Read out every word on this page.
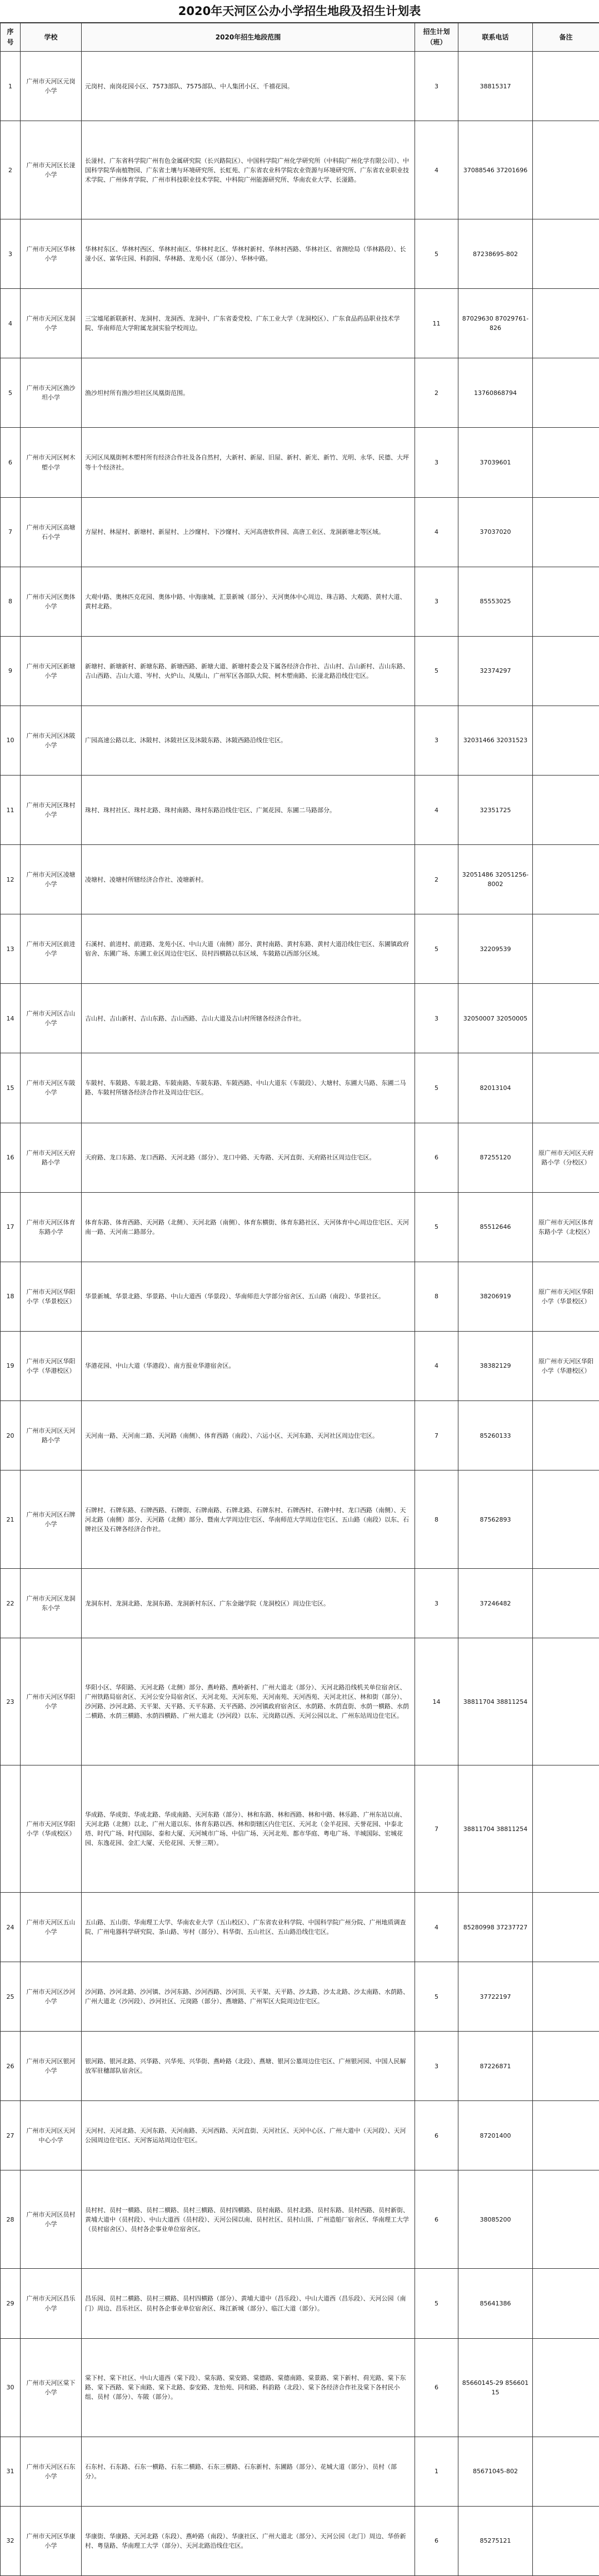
2020年天河区公办小学招生地段及招生计划表
序号	学校	2020年招生地段范围	招生计划（班）	联系电话	备注
1	广州市天河区元岗小学	元岗村、南岗花园小区、7573部队、7575部队、中人集团小区、千禧花园。	3	38815317	
2	广州市天河区长湴小学	长湴村、广东省科学院广州有色金属研究院（长兴路院区）、中国科学院广州化学研究所（中科院广州化学有限公司）、中国科学院华南植物园、广东省土壤与环境研究所、长虹苑、广东省农业科学院农业资源与环境研究所、广东省农业职业技术学院、广州体育学院、广州市科技职业技术学院、中科院广州能源研究所、华南农业大学、长湴路。	4	37088546 37201696	
3	广州市天河区华林小学	华林村东区、华林村西区、华林村南区、华林村北区、华林村新村、华林村西路、华林社区、省测绘局（华林路段）、长湴小区、富华庄园、科韵园、华林路、龙苑小区（部分）、华林中路。	5	87238695-802	
4	广州市天河区龙洞小学	三宝墟尾新联新村、龙洞村、龙洞西、龙洞中、广东省委党校、广东工业大学（龙洞校区）、广东食品药品职业技术学院、华南师范大学附属龙洞实验学校周边。	11	87029630 87029761-826	
5	广州市天河区渔沙坦小学	渔沙坦村所有渔沙坦社区凤凰街范围。	2	13760868794	
6	广州市天河区柯木塱小学	天河区凤凰街柯木塱村所有经济合作社及各自然村，大新村、新屋、旧屋、新村、新光、新竹、光明、永华、民德、大坪等十个经济社。	3	37039601	
7	广州市天河区高塘石小学	方屋村、林屋村、新塘村、新屋村、上沙窿村、下沙窿村、天河高唐软件园、高唐工业区、龙洞新塘北等区域。	4	37037020	
8	广州市天河区奥体小学	大观中路、奥林匹克花园、奥体中路、中海康城、汇景新城（部分）、天河奥体中心周边、珠吉路、大观路、黄村大道、黄村北路。	3	85553025	
9	广州市天河区新塘小学	新塘村、新塘新村、新塘东路、新塘西路、新塘大道、新塘村委会及下属各经济合作社、吉山村、吉山新村、吉山东路、吉山西路、吉山大道、岑村、火炉山、凤凰山、广州军区各部队大院、柯木塱南路、长湴北路沿线住宅区。	5	32374297	
10	广州市天河区沐陂小学	广园高速公路以北、沐陂村、沐陂社区及沐陂东路、沐陂西路沿线住宅区。	3	32031466 32031523	
11	广州市天河区珠村小学	珠村、珠村社区、珠村北路、珠村南路、珠村东路沿线住宅区、广氮花园、东圃二马路部分。	4	32351725	
12	广州市天河区凌塘小学	凌塘村、凌塘村所辖经济合作社、凌塘新村。	2	32051486 32051256-8002	
13	广州市天河区前进小学	石溪村、前进村、前进路、龙苑小区、中山大道（南侧）部分、黄村南路、黄村东路、黄村大道沿线住宅区、东圃镇政府宿舍、东圃广场、东圃工业区周边住宅区、员村四横路以东区域、车陂路以西部分区域。	5	32209539	
14	广州市天河区吉山小学	吉山村、吉山新村、吉山东路、吉山西路、吉山大道及吉山村所辖各经济合作社。	3	32050007 32050005	
15	广州市天河区车陂小学	车陂村、车陂路、车陂北路、车陂南路、车陂东路、车陂西路、中山大道东（车陂段）、大塘村、东圃大马路、东圃二马路、车陂村所辖各经济合作社及周边住宅区。	5	82013104	
16	广州市天河区天府路小学	天府路、龙口东路、龙口西路、天河北路（部分）、龙口中路、天寿路、天河直街、天府路社区周边住宅区。	6	87255120	原广州市天河区天府路小学（分校区）
17	广州市天河区体育东路小学	体育东路、体育西路、天河路（北侧）、天河北路（南侧）、体育东横街、体育东路社区、天河体育中心周边住宅区、天河南一路、天河南二路部分。	5	85512646	原广州市天河区体育东路小学（北校区）
18	广州市天河区华阳小学（华景校区）	华景新城、华景北路、华景路、中山大道西（华景段）、华南师范大学部分宿舍区、五山路（南段）、华景社区。	8	38206919	原广州市天河区华阳小学（华景校区）
19	广州市天河区华阳小学（华港校区）	华港花园、中山大道（华港段）、南方报业华港宿舍区。	4	38382129	原广州市天河区华阳小学（华港校区）
20	广州市天河区天河路小学	天河南一路、天河南二路、天河路（南侧）、体育西路（南段）、六运小区、天河东路、天河社区周边住宅区。	7	85260133	
21	广州市天河区石牌小学	石牌村、石牌东路、石牌西路、石牌街、石牌南路、石牌北路、石牌东村、石牌西村、石牌中村、龙口西路（南侧）、天河北路（南侧）部分、天河路（北侧）部分、暨南大学周边住宅区、华南师范大学周边住宅区、五山路（南段）以东、石牌社区及石牌各经济合作社。	8	87562893	
22	广州市天河区龙洞东小学	龙洞东村、龙洞北路、龙洞东路、龙洞新村东区、广东金融学院（龙洞校区）周边住宅区。	3	37246482	
23	广州市天河区华阳小学	华阳小区、华阳路、天河北路（北侧）部分、燕岭路、燕岭新村、广州大道北（部分）、天河北路沿线机关单位宿舍区、广州铁路局宿舍区、天河公安分局宿舍区、天河北苑、天河东苑、天河南苑、天河西苑、天河北社区、林和街（部分）、沙河路、沙河北路、天平架、天平路、天平东路、天平西路、沙河镇政府宿舍区、水荫路、水荫直街、水荫一横路、水荫二横路、水荫三横路、水荫四横路、广州大道北（沙河段）以东、元岗路以西、天河公园以北、广州东站周边住宅区。	14	38811704 38811254	
	广州市天河区华阳小学（华成校区）	华成路、华成街、华成北路、华成南路、天河东路（部分）、林和东路、林和西路、林和中路、林乐路、广州东站以南、天河北路（北侧）以北、广州大道以东、体育东路以西、林和街辖区内住宅区、天河北（金羊花园、天誉花园、中泰北塔、时代广场、时代国际、泰和大厦、天河城市广场、中信广场、天河北苑、都市华庭、粤电广场、羊城国际、宏城花园、东逸花园、金汇大厦、天伦花园、天誉三期）。	7	38811704 38811254	
24	广州市天河区五山小学	五山路、五山街、华南理工大学、华南农业大学（五山校区）、广东省农业科学院、中国科学院广州分院、广州地质调查院、广州电器科学研究院、茶山路、岑村（部分）、科华街、五山社区、五山路沿线住宅区。	4	85280998 37237727	
25	广州市天河区沙河小学	沙河路、沙河北路、沙河镇、沙河东路、沙河西路、沙河顶、天平架、天平路、沙太路、沙太北路、沙太南路、水荫路、广州大道北（沙河段）、沙河社区、元岗路（部分）、燕塘路、广州军区大院周边住宅区。	5	37722197	
26	广州市天河区银河小学	银河路、银河北路、兴华路、兴华苑、兴华街、燕岭路（北段）、燕塘、银河公墓周边住宅区、广州银河园、中国人民解放军驻穗部队宿舍区。	3	87226871	
27	广州市天河区天河中心小学	天河村、天河北路、天河东路、天河南路、天河西路、天河直街、天河社区、天河中心区、广州大道中（天河段）、天河公园周边住宅区、天河客运站周边住宅区。	6	87201400	
28	广州市天河区员村小学	员村村、员村一横路、员村二横路、员村三横路、员村四横路、员村南路、员村北路、员村东路、员村西路、员村新街、黄埔大道中（员村段）、中山大道西（员村段）、天河公园以南、员村社区、员村山顶、广州造船厂宿舍区、华南理工大学（员村宿舍区）、员村各企事业单位宿舍区。	6	38085200	
29	广州市天河区昌乐小学	昌乐园、员村二横路、员村三横路、员村四横路（部分）、黄埔大道中（昌乐段）、中山大道西（昌乐段）、天河公园（南门）周边、昌乐社区、员村各企事业单位宿舍区、珠江新城（部分）、临江大道（部分）。	5	85641386	
30	广州市天河区棠下小学	棠下村、棠下社区、中山大道西（棠下段）、棠东路、棠安路、棠德路、棠德南路、棠景路、棠下新村、荷光路、棠下东路、棠下西路、棠下南路、棠下北路、泰安路、龙怡苑、同和路、科韵路（北段）、棠下各经济合作社及棠下各村民小组、员村（部分）、车陂（部分）。	6	85660145-29 85660115	
31	广州市天河区石东小学	石东村、石东路、石东一横路、石东二横路、石东三横路、石东新村、东圃路（部分）、花城大道（部分）、员村（部分）。	1	85671045-802	
32	广州市天河区华康小学	华康街、华康路、天河北路（东段）、燕岭路（南段）、华康社区、广州大道北（部分）、天河公园（北门）周边、华侨新村、粤垦路、华南理工大学（部分）、天河北路沿线住宅区。	6	85275121	
